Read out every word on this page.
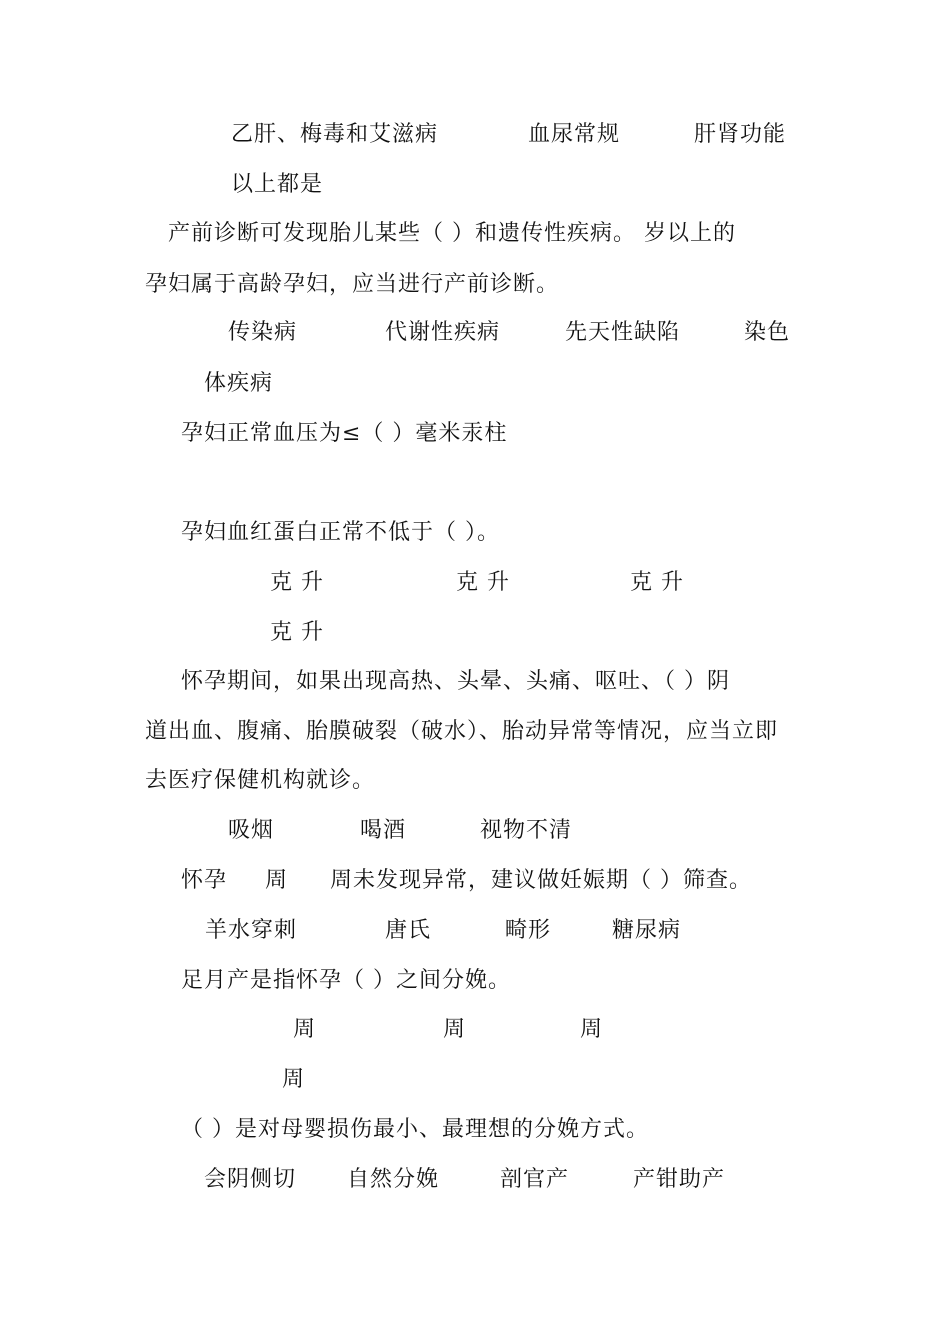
乙肝、梅毒和艾滋病	血尿常规	肝肾功能
以上都是
产前诊断可发现胎儿某些（ ）和遗传性疾病。 岁以上的
孕妇属于高龄孕妇，应当进行产前诊断。
传染病	代谢性疾病	先天性缺陷	染色
体疾病
孕妇正常血压为≤（ ）毫米汞柱
孕妇血红蛋白正常不低于（ ）。
克 升	克 升	克 升
克 升
怀孕期间，如果出现高热、头晕、头痛、呕吐、（ ）阴
道出血、腹痛、胎膜破裂（破水）、胎动异常等情况，应当立即
去医疗保健机构就诊。
吸烟	喝酒	视物不清
怀孕 周 周未发现异常，建议做妊娠期（ ）筛查。
羊水穿刺	唐氏	畸形	糖尿病
足月产是指怀孕（ ）之间分娩。
周	周	周
周
（ ）是对母婴损伤最小、最理想的分娩方式。
会阴侧切 自然分娩	剖官产	产钳助产
